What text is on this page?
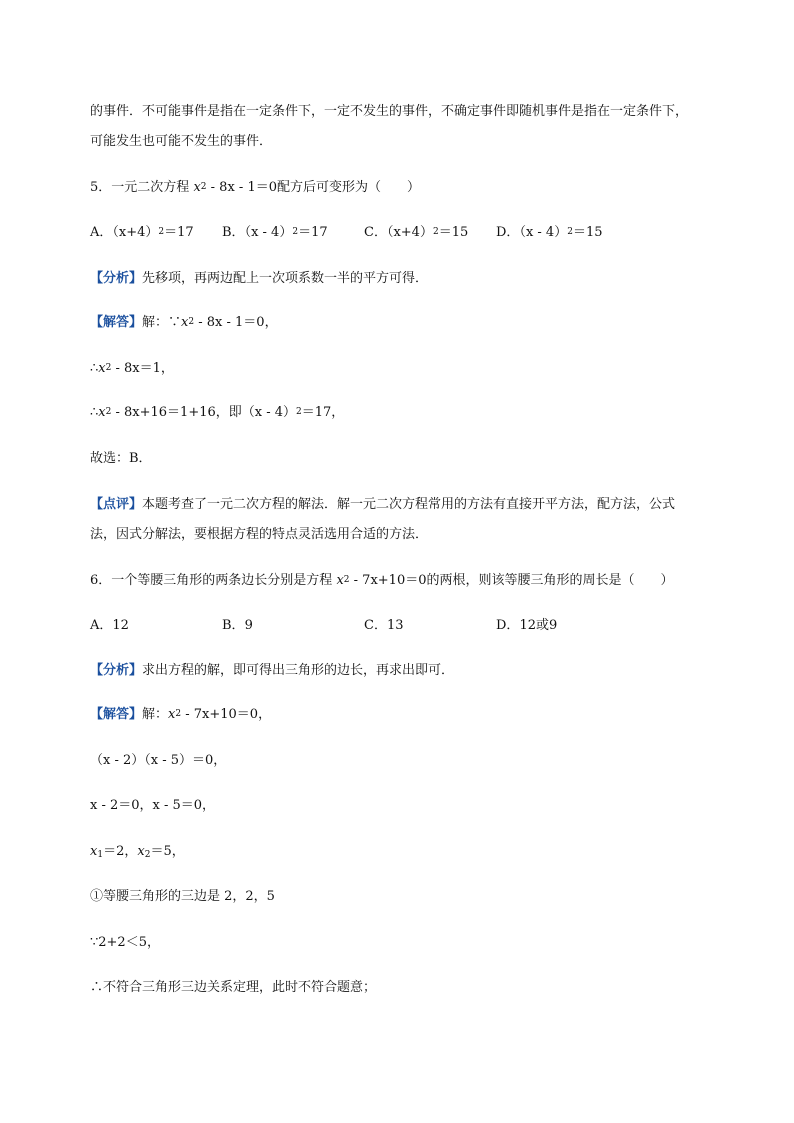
的事件．不可能事件是指在一定条件下，一定不发生的事件，不确定事件即随机事件是指在一定条件下，
可能发生也可能不发生的事件．
5．一元二次方程 $x^2 - 8x - 1=0$配方后可变形为（　　）
A．$(x+4)^2=17$ B．（x - 4）$^2$＝17	C．$(x+4)^2=15$ D．（x - 4）$^2$＝15
【分析】先移项，再两边配上一次项系数一半的平方可得．
【解答】解：$\because x^2 - 8x - 1=0$，
$\therefore x^2 - 8x=1$，
$\therefore x^2 - 8x+16=1+16$，即（x - 4）$^2$＝17，
故选：B．
【点评】本题考查了一元二次方程的解法．解一元二次方程常用的方法有直接开平方法，配方法，公式
法，因式分解法，要根据方程的特点灵活选用合适的方法．
6．一个等腰三角形的两条边长分别是方程 $x^2 - 7x+10=0$的两根，则该等腰三角形的周长是（　　）
A．12	B．9	C．13	D．12或9
【分析】求出方程的解，即可得出三角形的边长，再求出即可．
【解答】解：$x^2 - 7x+10=0$，
（x - 2）（x - 5）＝0，
x - 2＝0，x - 5＝0，
$x_1=2$，$x_2=5$，
①等腰三角形的三边是 2，2，5
∵2+2＜5，
∴不符合三角形三边关系定理，此时不符合题意；
